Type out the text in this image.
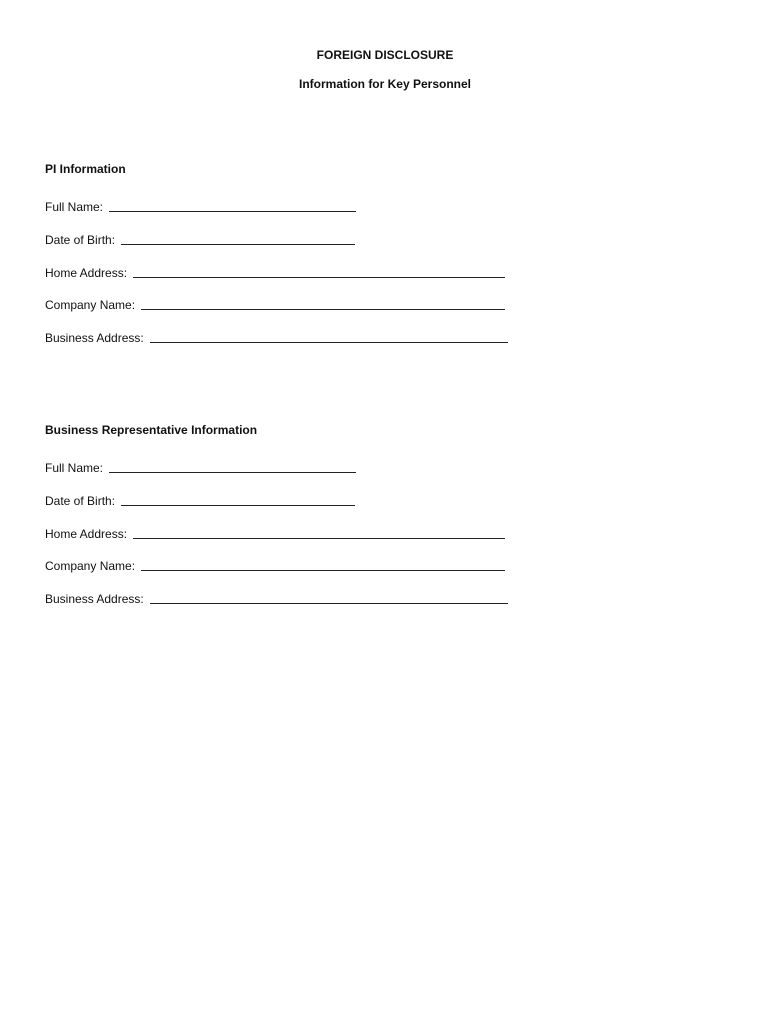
FOREIGN DISCLOSURE
Information for Key Personnel
PI Information
Full Name:
Date of Birth:
Home Address:
Company Name:
Business Address:
Business Representative Information
Full Name:
Date of Birth:
Home Address:
Company Name:
Business Address:
